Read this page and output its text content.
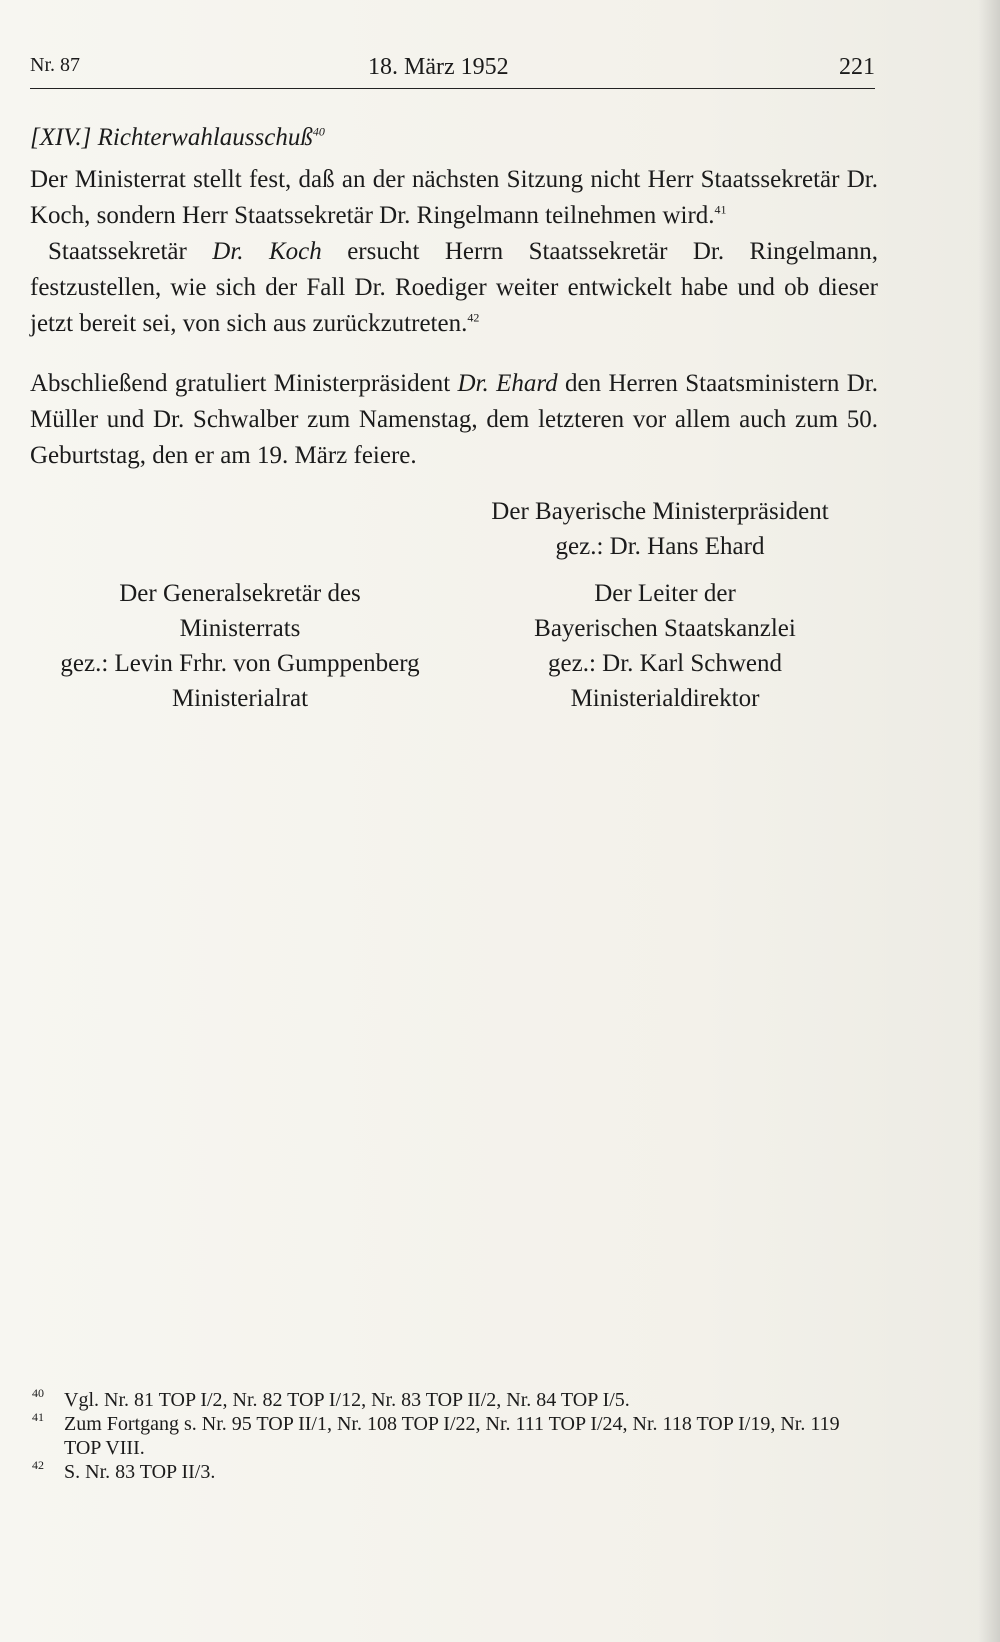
Nr. 87	18. März 1952	221

[XIV.] Richterwahlausschuß$^{40}$

Der Ministerrat stellt fest, daß an der nächsten Sitzung nicht Herr Staatssekretär Dr. Koch, sondern Herr Staatssekretär Dr. Ringelmann teilnehmen wird.$^{41}$

Staatssekretär Dr. Koch ersucht Herrn Staatssekretär Dr. Ringelmann, festzustellen, wie sich der Fall Dr. Roediger weiter entwickelt habe und ob dieser jetzt bereit sei, von sich aus zurückzutreten.$^{42}$

Abschließend gratuliert Ministerpräsident Dr. Ehard den Herren Staatsministern Dr. Müller und Dr. Schwalber zum Namenstag, dem letzteren vor allem auch zum 50. Geburtstag, den er am 19. März feiere.

Der Bayerische Ministerpräsident
gez.: Dr. Hans Ehard
Der Generalsekretär des
Ministerrats
gez.: Levin Frhr. von Gumppenberg
Ministerialrat
Der Leiter der
Bayerischen Staatskanzlei
gez.: Dr. Karl Schwend
Ministerialdirektor
40 Vgl. Nr. 81 TOP I/2, Nr. 82 TOP I/12, Nr. 83 TOP II/2, Nr. 84 TOP I/5.
41 Zum Fortgang s. Nr. 95 TOP II/1, Nr. 108 TOP I/22, Nr. 111 TOP I/24, Nr. 118 TOP I/19, Nr. 119 TOP VIII.
42 S. Nr. 83 TOP II/3.
